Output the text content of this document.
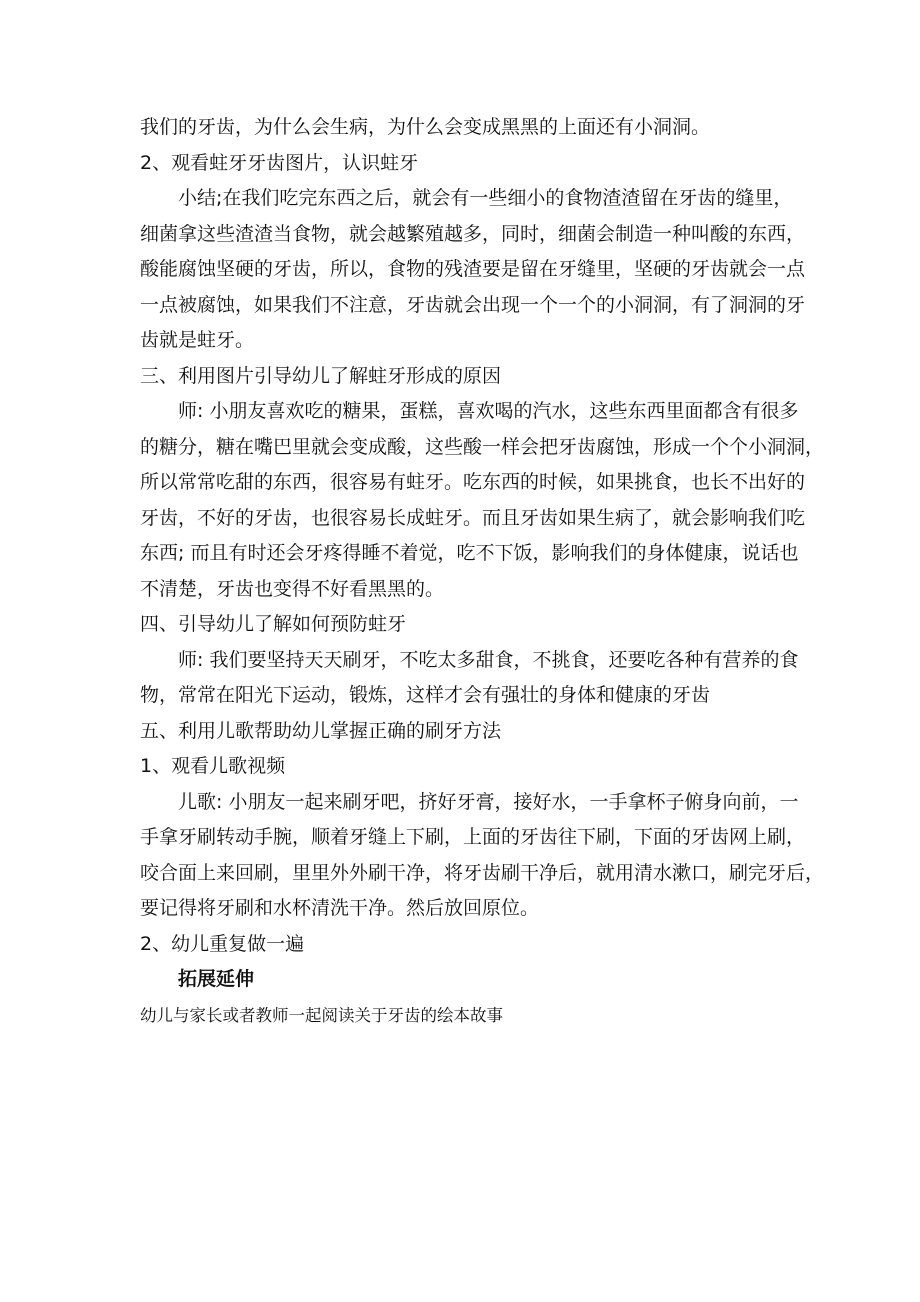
我们的牙齿，为什么会生病，为什么会变成黑黑的上面还有小洞洞。
2、观看蛀牙牙齿图片，认识蛀牙
小结;在我们吃完东西之后，就会有一些细小的食物渣渣留在牙齿的缝里，
细菌拿这些渣渣当食物，就会越繁殖越多，同时，细菌会制造一种叫酸的东西，
酸能腐蚀坚硬的牙齿，所以，食物的残渣要是留在牙缝里，坚硬的牙齿就会一点
一点被腐蚀，如果我们不注意，牙齿就会出现一个一个的小洞洞，有了洞洞的牙
齿就是蛀牙。
三、利用图片引导幼儿了解蛀牙形成的原因
师: 小朋友喜欢吃的糖果，蛋糕，喜欢喝的汽水，这些东西里面都含有很多
的糖分，糖在嘴巴里就会变成酸，这些酸一样会把牙齿腐蚀，形成一个个小洞洞，
所以常常吃甜的东西，很容易有蛀牙。吃东西的时候，如果挑食，也长不出好的
牙齿，不好的牙齿，也很容易长成蛀牙。而且牙齿如果生病了，就会影响我们吃
东西; 而且有时还会牙疼得睡不着觉，吃不下饭，影响我们的身体健康，说话也
不清楚，牙齿也变得不好看黑黑的。
四、引导幼儿了解如何预防蛀牙
师: 我们要坚持天天刷牙，不吃太多甜食，不挑食，还要吃各种有营养的食
物，常常在阳光下运动，锻炼，这样才会有强壮的身体和健康的牙齿
五、利用儿歌帮助幼儿掌握正确的刷牙方法
1、观看儿歌视频
儿歌: 小朋友一起来刷牙吧，挤好牙膏，接好水，一手拿杯子俯身向前，一
手拿牙刷转动手腕，顺着牙缝上下刷，上面的牙齿往下刷，下面的牙齿网上刷，
咬合面上来回刷，里里外外刷干净，将牙齿刷干净后，就用清水漱口，刷完牙后，
要记得将牙刷和水杯清洗干净。然后放回原位。
2、幼儿重复做一遍
拓展延伸
幼儿与家长或者教师一起阅读关于牙齿的绘本故事
